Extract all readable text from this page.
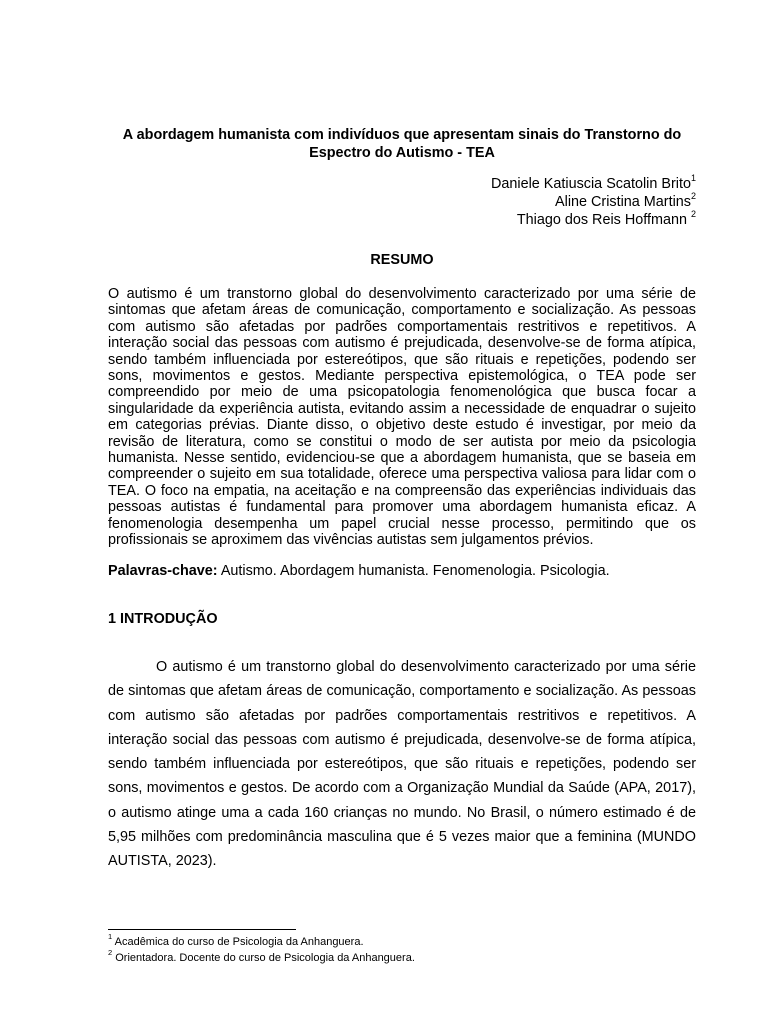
A abordagem humanista com indivíduos que apresentam sinais do Transtorno do Espectro do Autismo - TEA
Daniele Katiuscia Scatolin Brito$^1$
Aline Cristina Martins$^2$
Thiago dos Reis Hoffmann $^2$
RESUMO

O autismo é um transtorno global do desenvolvimento caracterizado por uma série de sintomas que afetam áreas de comunicação, comportamento e socialização. As pessoas com autismo são afetadas por padrões comportamentais restritivos e repetitivos. A interação social das pessoas com autismo é prejudicada, desenvolve-se de forma atípica, sendo também influenciada por estereótipos, que são rituais e repetições, podendo ser sons, movimentos e gestos. Mediante perspectiva epistemológica, o TEA pode ser compreendido por meio de uma psicopatologia fenomenológica que busca focar a singularidade da experiência autista, evitando assim a necessidade de enquadrar o sujeito em categorias prévias. Diante disso, o objetivo deste estudo é investigar, por meio da revisão de literatura, como se constitui o modo de ser autista por meio da psicologia humanista. Nesse sentido, evidenciou-se que a abordagem humanista, que se baseia em compreender o sujeito em sua totalidade, oferece uma perspectiva valiosa para lidar com o TEA. O foco na empatia, na aceitação e na compreensão das experiências individuais das pessoas autistas é fundamental para promover uma abordagem humanista eficaz. A fenomenologia desempenha um papel crucial nesse processo, permitindo que os profissionais se aproximem das vivências autistas sem julgamentos prévios.

Palavras-chave: Autismo. Abordagem humanista. Fenomenologia. Psicologia.
1 INTRODUÇÃO

O autismo é um transtorno global do desenvolvimento caracterizado por uma série de sintomas que afetam áreas de comunicação, comportamento e socialização. As pessoas com autismo são afetadas por padrões comportamentais restritivos e repetitivos. A interação social das pessoas com autismo é prejudicada, desenvolve-se de forma atípica, sendo também influenciada por estereótipos, que são rituais e repetições, podendo ser sons, movimentos e gestos. De acordo com a Organização Mundial da Saúde (APA, 2017), o autismo atinge uma a cada 160 crianças no mundo. No Brasil, o número estimado é de 5,95 milhões com predominância masculina que é 5 vezes maior que a feminina (MUNDO AUTISTA, 2023).

$^1$ Acadêmica do curso de Psicologia da Anhanguera.
$^2$ Orientadora. Docente do curso de Psicologia da Anhanguera.
